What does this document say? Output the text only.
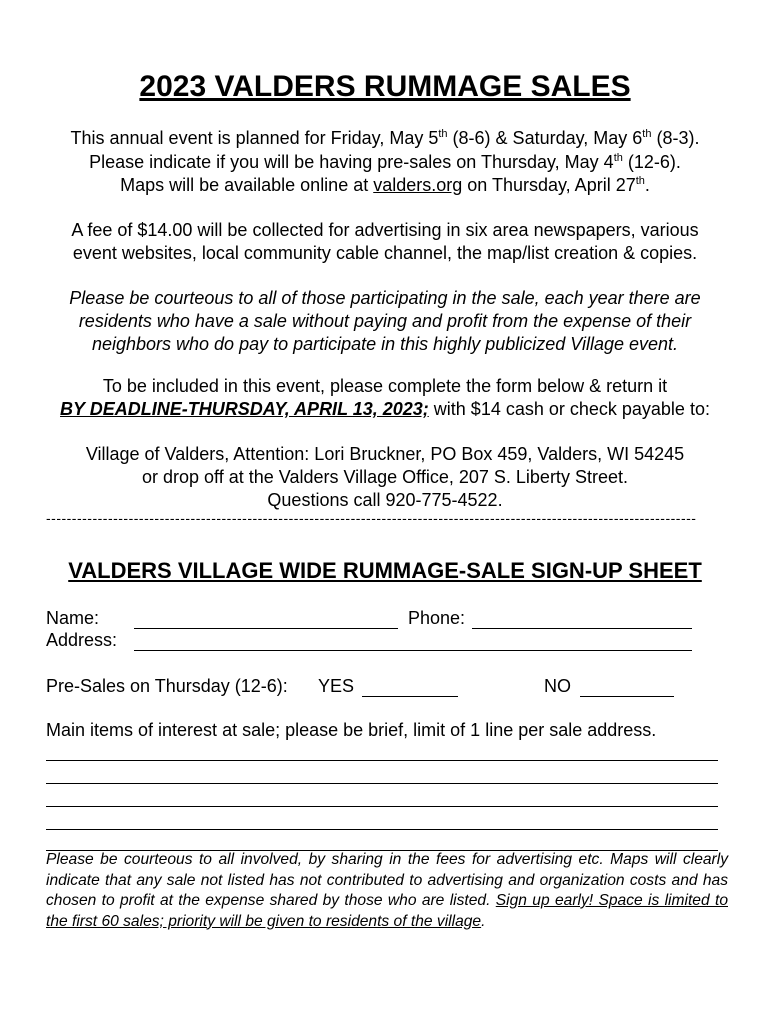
2023 VALDERS RUMMAGE SALES
This annual event is planned for Friday, May 5th (8-6) & Saturday, May 6th (8-3).
Please indicate if you will be having pre-sales on Thursday, May 4th (12-6).
Maps will be available online at valders.org on Thursday, April 27th.
A fee of $14.00 will be collected for advertising in six area newspapers, various
event websites, local community cable channel, the map/list creation & copies.
Please be courteous to all of those participating in the sale, each year there are
residents who have a sale without paying and profit from the expense of their
neighbors who do pay to participate in this highly publicized Village event.
To be included in this event, please complete the form below & return it
BY DEADLINE-THURSDAY, APRIL 13, 2023; with $14 cash or check payable to:
Village of Valders, Attention: Lori Bruckner, PO Box 459, Valders, WI 54245
or drop off at the Valders Village Office, 207 S. Liberty Street.
Questions call 920-775-4522.
------------------------------------------------------------------------------------------------------------------------------
VALDERS VILLAGE WIDE RUMMAGE-SALE SIGN-UP SHEET
Name:	Phone:
Address:
Pre-Sales on Thursday (12-6): YES	NO
Main items of interest at sale; please be brief, limit of 1 line per sale address.
Please be courteous to all involved, by sharing in the fees for advertising etc. Maps will clearly indicate that any sale not listed has not contributed to advertising and organization costs and has chosen to profit at the expense shared by those who are listed. Sign up early! Space is limited to the first 60 sales; priority will be given to residents of the village.
